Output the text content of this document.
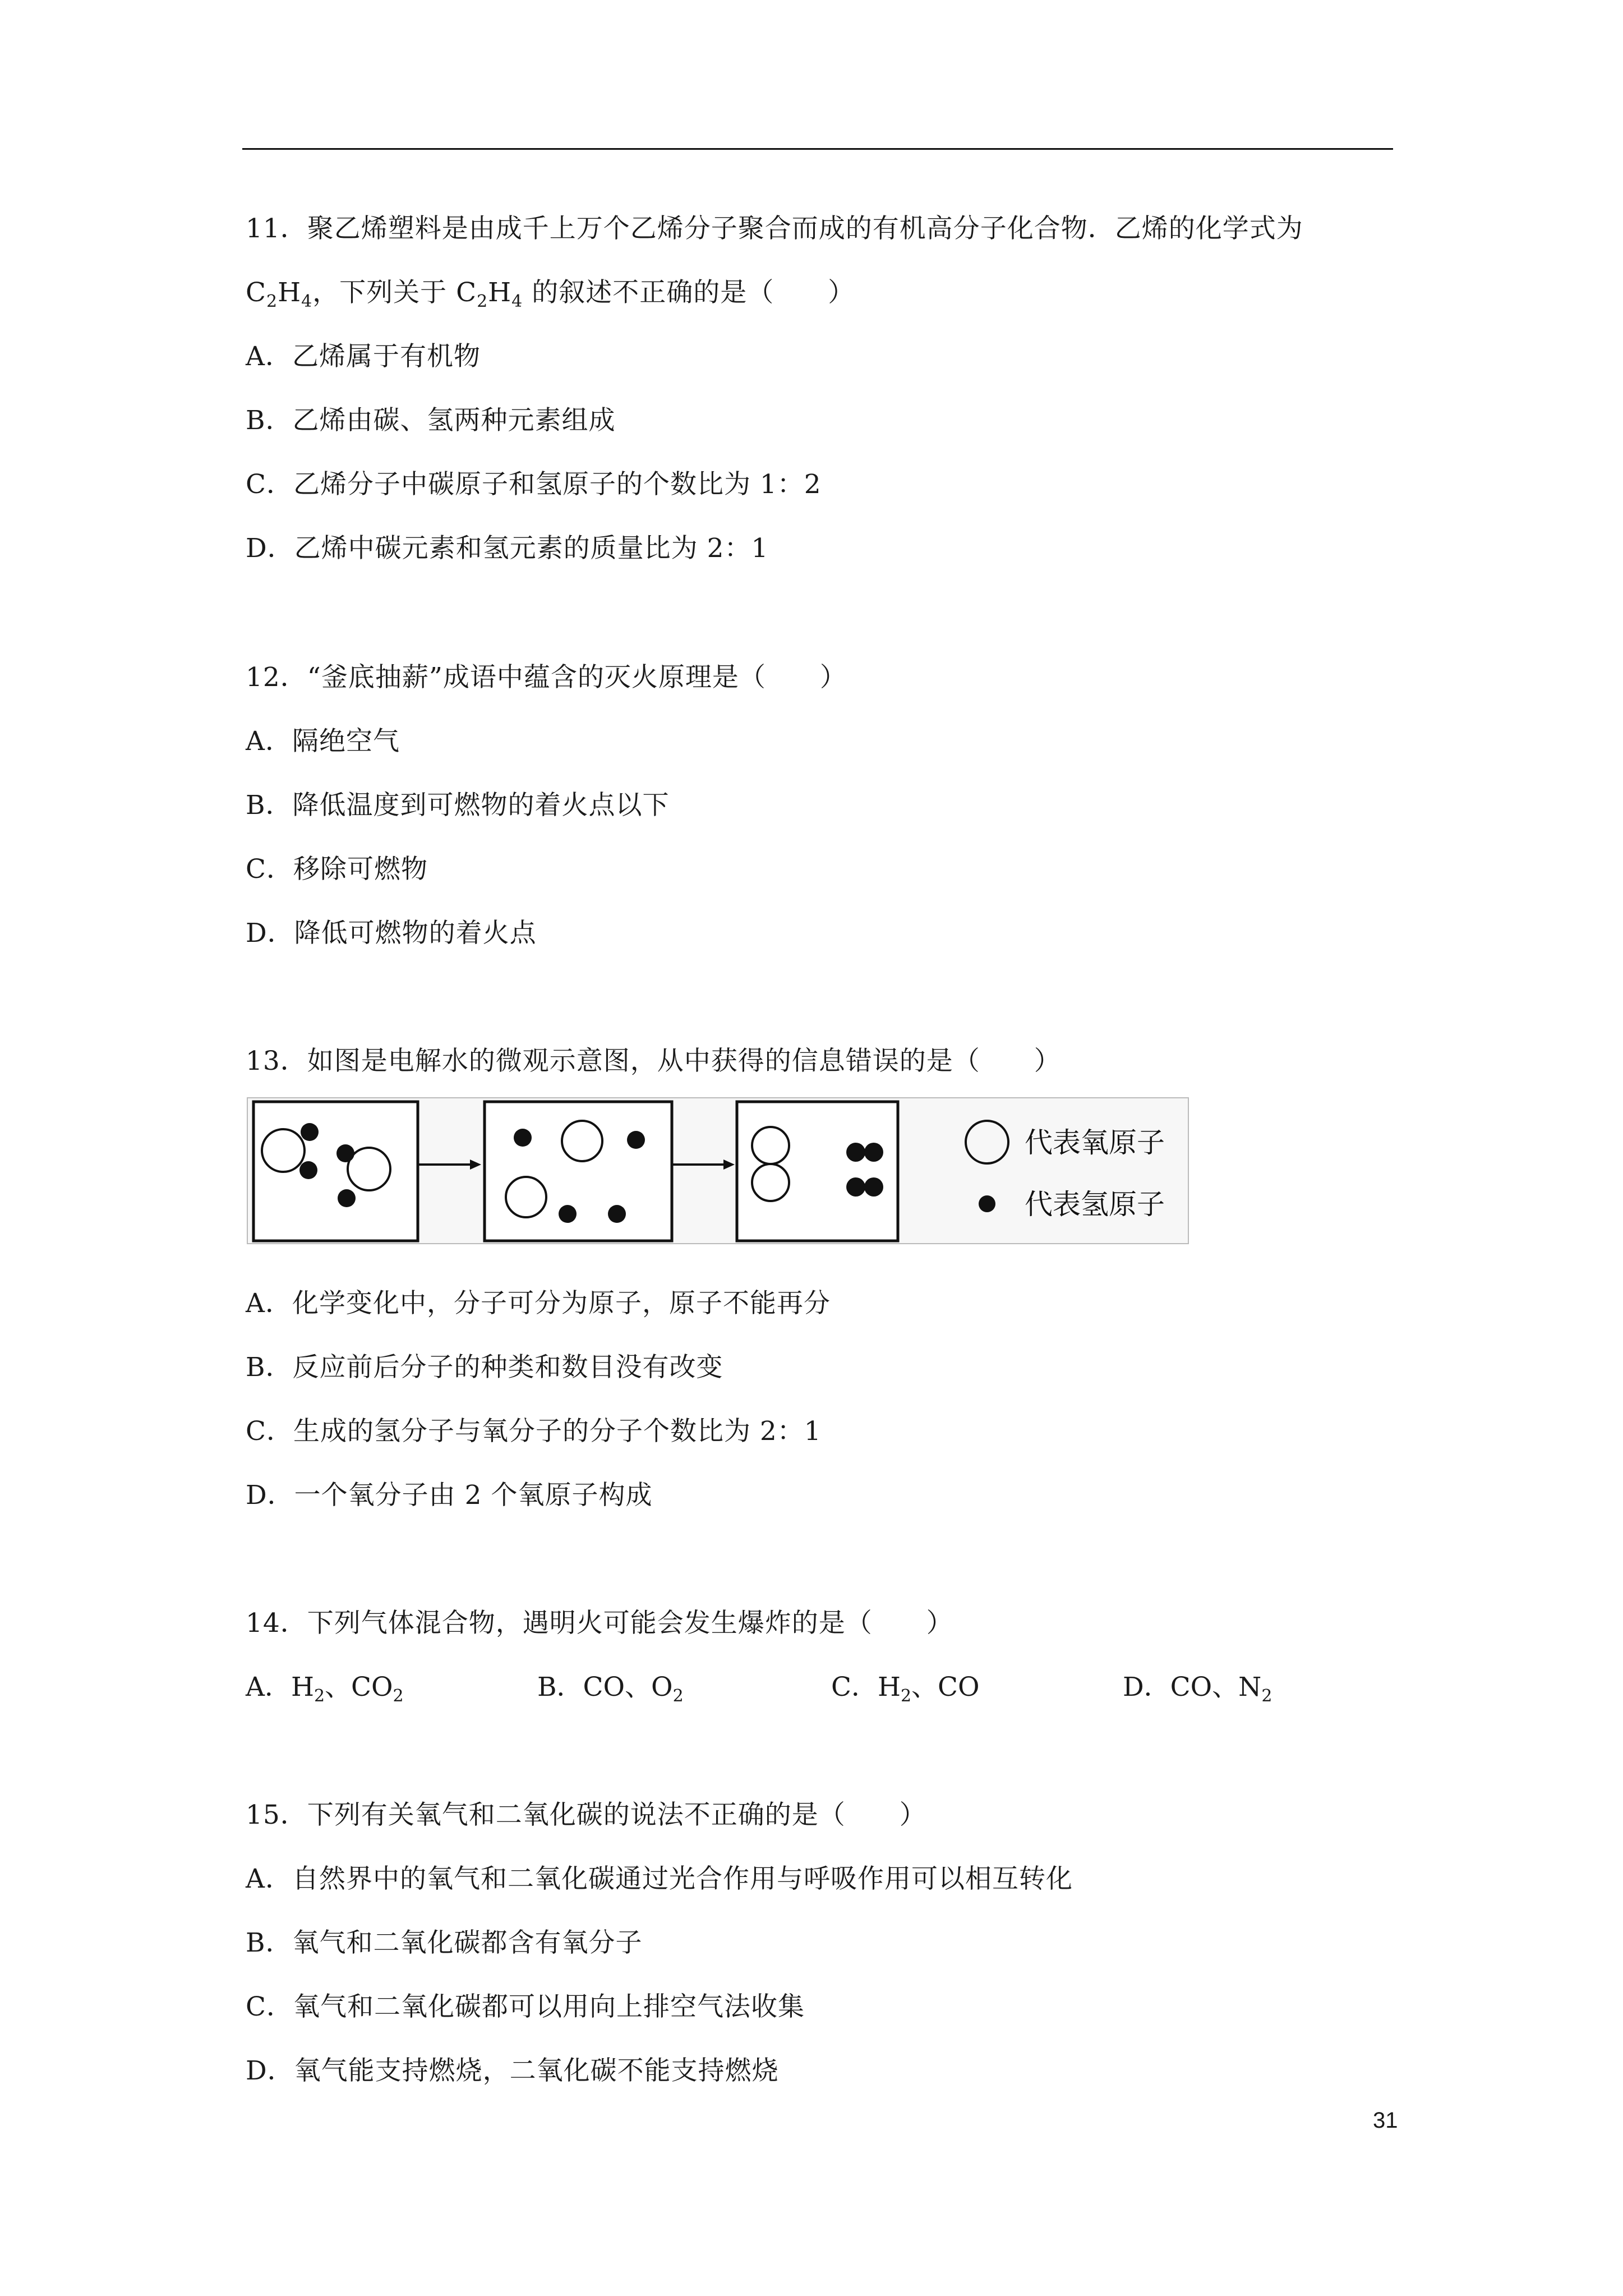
11．聚乙烯塑料是由成千上万个乙烯分子聚合而成的有机高分子化合物．乙烯的化学式为
$C_2H_4$，下列关于 $C_2H_4$ 的叙述不正确的是（　　）
A．乙烯属于有机物
B．乙烯由碳、氢两种元素组成
C．乙烯分子中碳原子和氢原子的个数比为 1：2
D．乙烯中碳元素和氢元素的质量比为 2：1
12．“釜底抽薪”成语中蕴含的灭火原理是（　　）
A．隔绝空气
B．降低温度到可燃物的着火点以下
C．移除可燃物
D．降低可燃物的着火点
13．如图是电解水的微观示意图，从中获得的信息错误的是（　　）
代表氧原子
代表氢原子
A．化学变化中，分子可分为原子，原子不能再分
B．反应前后分子的种类和数目没有改变
C．生成的氢分子与氧分子的分子个数比为 2：1
D．一个氧分子由 2 个氧原子构成
14．下列气体混合物，遇明火可能会发生爆炸的是（　　）
A．$H_2$、$CO_2$	B．CO、$O_2$	C．$H_2$、CO	D．CO、$N_2$
15．下列有关氧气和二氧化碳的说法不正确的是（　　）
A．自然界中的氧气和二氧化碳通过光合作用与呼吸作用可以相互转化
B．氧气和二氧化碳都含有氧分子
C．氧气和二氧化碳都可以用向上排空气法收集
D．氧气能支持燃烧，二氧化碳不能支持燃烧
31
